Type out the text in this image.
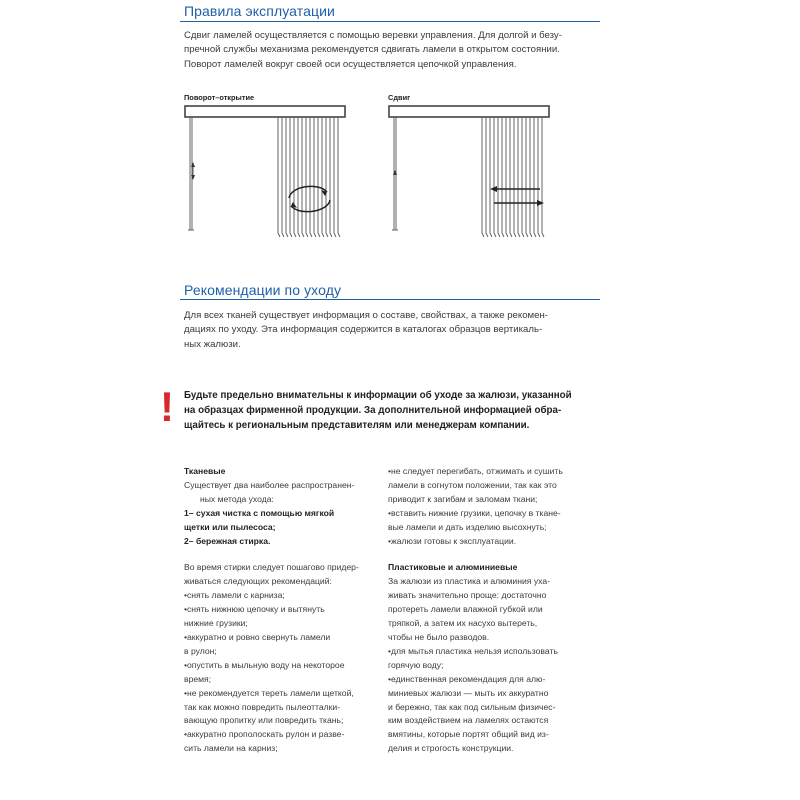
Правила эксплуатации
Сдвиг ламелей осуществляется с помощью веревки управления. Для долгой и безу-
пречной службы механизма рекомендуется сдвигать ламели в открытом состоянии.
Поворот ламелей вокруг своей оси осуществляется цепочкой управления.
Поворот–открытие	Сдвиг
Рекомендации по уходу
Для всех тканей существует информация о составе, свойствах, а также рекомен-
дациях по уходу. Эта информация содержится в каталогах образцов вертикаль-
ных жалюзи.
! Будьте предельно внимательны к информации об уходе за жалюзи, указанной
на образцах фирменной продукции. За дополнительной информацией обра-
щайтесь к региональным представителям или менеджерам компании.
Тканевые
Существует два наиболее распространен-
ных метода ухода:
1– сухая чистка с помощью мягкой
щетки или пылесоса;
2– бережная стирка.
Во время стирки следует пошагово придер-
живаться следующих рекомендаций:
•снять ламели с карниза;
•снять нижнюю цепочку и вытянуть
нижние грузики;
•аккуратно и ровно свернуть ламели
в рулон;
•опустить в мыльную воду на некоторое
время;
•не рекомендуется тереть ламели щеткой,
так как можно повредить пылеотталки-
вающую пропитку или повредить ткань;
•аккуратно прополоскать рулон и разве-
сить ламели на карниз;
•не следует перегибать, отжимать и сушить
ламели в согнутом положении, так как это
приводит к загибам и заломам ткани;
•вставить нижние грузики, цепочку в ткане-
вые ламели и дать изделию высохнуть;
•жалюзи готовы к эксплуатации.
Пластиковые и алюминиевые
За жалюзи из пластика и алюминия ухa-
живать значительно проще: достаточно
протереть ламели влажной губкой или
тряпкой, а затем их насухо вытереть,
чтобы не было разводов.
•для мытья пластика нельзя использовать
горячую воду;
•единственная рекомендация для алю-
миниевых жалюзи — мыть их аккуратно
и бережно, так как под сильным физичес-
ким воздействием на ламелях остаются
вмятины, которые портят общий вид из-
делия и строгость конструкции.
